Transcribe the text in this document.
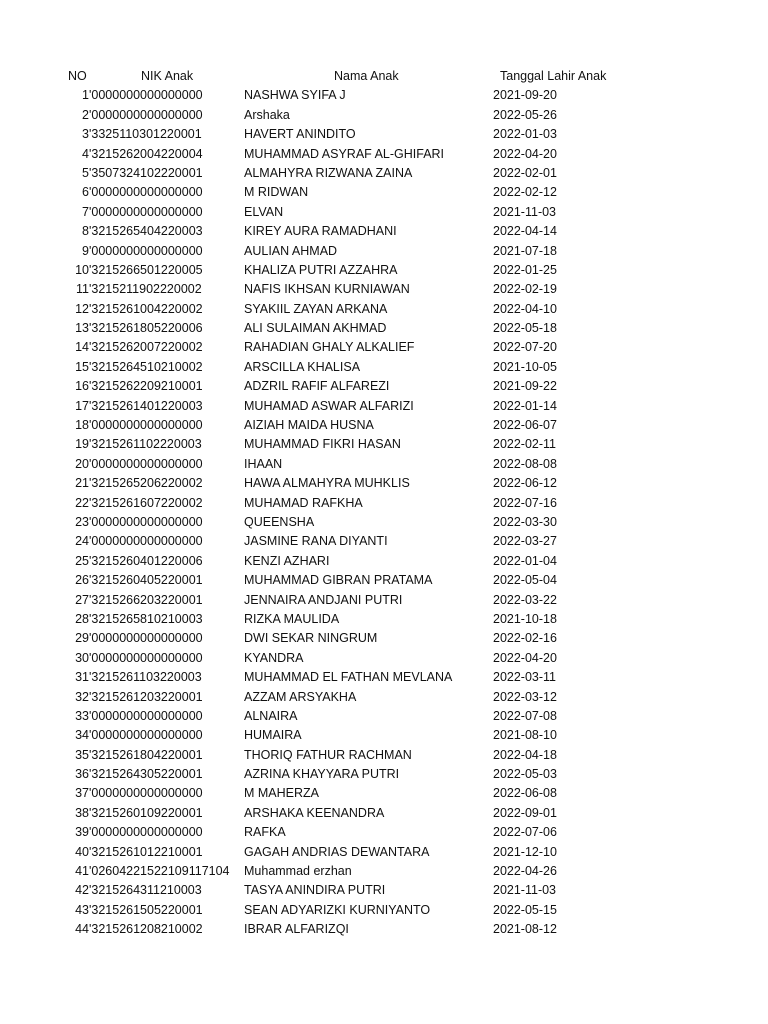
NO	NIK Anak	Nama Anak	Tanggal Lahir Anak
1 '0000000000000000	NASHWA SYIFA J	2021-09-20
2 '0000000000000000	Arshaka	2022-05-26
3 '3325110301220001	HAVERT ANINDITO	2022-01-03
4 '3215262004220004	MUHAMMAD ASYRAF AL-GHIFARI	2022-04-20
5 '3507324102220001	ALMAHYRA RIZWANA ZAINA	2022-02-01
6 '0000000000000000	M RIDWAN	2022-02-12
7 '0000000000000000	ELVAN	2021-11-03
8 '3215265404220003	KIREY AURA RAMADHANI	2022-04-14
9 '0000000000000000	AULIAN AHMAD	2021-07-18
10 '3215266501220005	KHALIZA PUTRI AZZAHRA	2022-01-25
11 '3215211902220002	NAFIS IKHSAN KURNIAWAN	2022-02-19
12 '3215261004220002	SYAKIIL ZAYAN ARKANA	2022-04-10
13 '3215261805220006	ALI SULAIMAN AKHMAD	2022-05-18
14 '3215262007220002	RAHADIAN GHALY ALKALIEF	2022-07-20
15 '3215264510210002	ARSCILLA KHALISA	2021-10-05
16 '3215262209210001	ADZRIL RAFIF ALFAREZI	2021-09-22
17 '3215261401220003	MUHAMAD ASWAR ALFARIZI	2022-01-14
18 '0000000000000000	AIZIAH MAIDA HUSNA	2022-06-07
19 '3215261102220003	MUHAMMAD FIKRI HASAN	2022-02-11
20 '0000000000000000	IHAAN	2022-08-08
21 '3215265206220002	HAWA ALMAHYRA MUHKLIS	2022-06-12
22 '3215261607220002	MUHAMAD RAFKHA	2022-07-16
23 '0000000000000000	QUEENSHA	2022-03-30
24 '0000000000000000	JASMINE RANA DIYANTI	2022-03-27
25 '3215260401220006	KENZI AZHARI	2022-01-04
26 '3215260405220001	MUHAMMAD GIBRAN PRATAMA	2022-05-04
27 '3215266203220001	JENNAIRA ANDJANI PUTRI	2022-03-22
28 '3215265810210003	RIZKA MAULIDA	2021-10-18
29 '0000000000000000	DWI SEKAR NINGRUM	2022-02-16
30 '0000000000000000	KYANDRA	2022-04-20
31 '3215261103220003	MUHAMMAD EL FATHAN MEVLANA	2022-03-11
32 '3215261203220001	AZZAM ARSYAKHA	2022-03-12
33 '0000000000000000	ALNAIRA	2022-07-08
34 '0000000000000000	HUMAIRA	2021-08-10
35 '3215261804220001	THORIQ FATHUR RACHMAN	2022-04-18
36 '3215264305220001	AZRINA KHAYYARA PUTRI	2022-05-03
37 '0000000000000000	M MAHERZA	2022-06-08
38 '3215260109220001	ARSHAKA KEENANDRA	2022-09-01
39 '0000000000000000	RAFKA	2022-07-06
40 '3215261012210001	GAGAH ANDRIAS DEWANTARA	2021-12-10
41 '02604221522109117104 Muhammad erzhan	2022-04-26
42 '3215264311210003	TASYA ANINDIRA PUTRI	2021-11-03
43 '3215261505220001	SEAN ADYARIZKI KURNIYANTO	2022-05-15
44 '3215261208210002	IBRAR ALFARIZQI	2021-08-12
